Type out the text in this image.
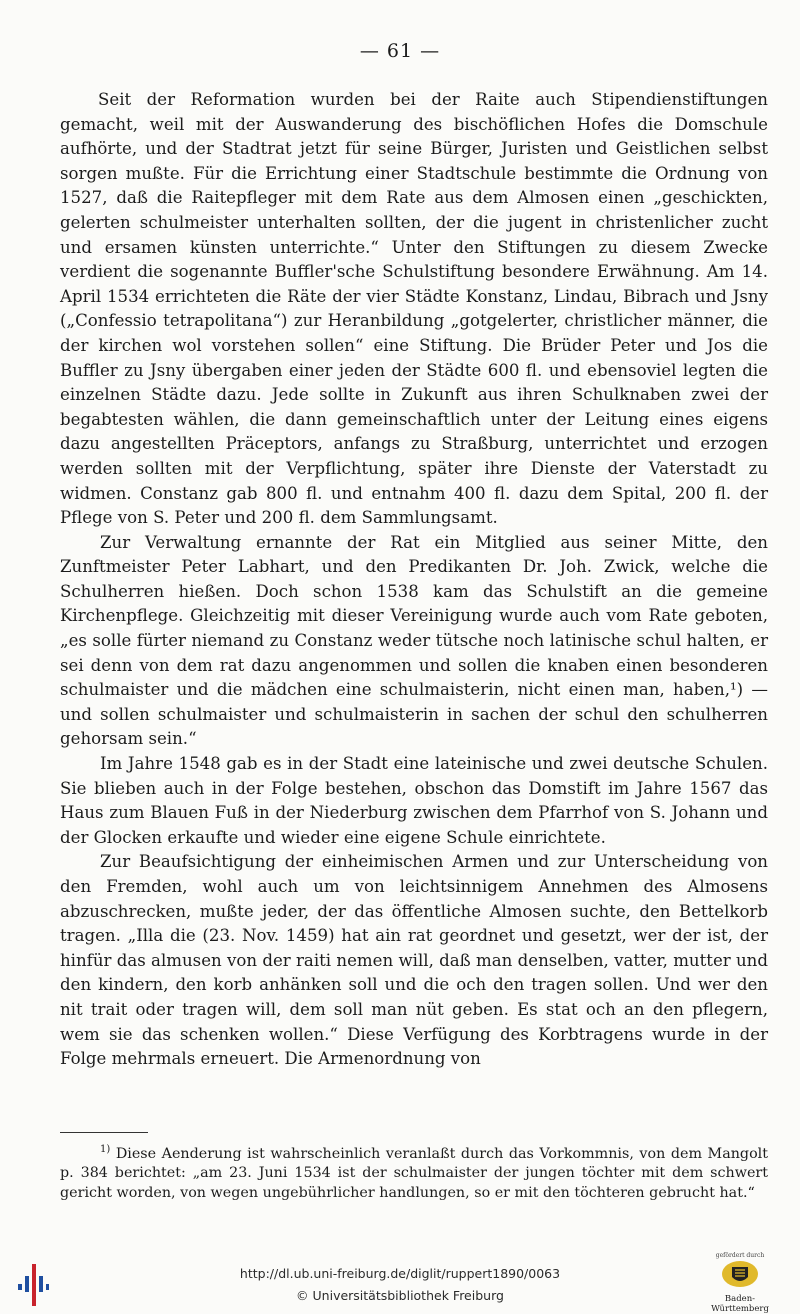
— 61 —

Seit der Reformation wurden bei der Raite auch Stipendienstiftungen gemacht, weil mit der Auswanderung des bischöflichen Hofes die Domschule aufhörte, und der Stadtrat jetzt für seine Bürger, Juristen und Geistlichen selbst sorgen mußte. Für die Errichtung einer Stadtschule bestimmte die Ordnung von 1527, daß die Raitepfleger mit dem Rate aus dem Almosen einen „geschickten, gelerten schulmeister unterhalten sollten, der die jugent in christenlicher zucht und ersamen künsten unterrichte.“ Unter den Stiftungen zu diesem Zwecke verdient die sogenannte Buffler'sche Schulstiftung besondere Erwähnung. Am 14. April 1534 errichteten die Räte der vier Städte Konstanz, Lindau, Bibrach und Jsny („Confessio tetrapolitana“) zur Heranbildung „gotgelerter, christlicher männer, die der kirchen wol vorstehen sollen“ eine Stiftung. Die Brüder Peter und Jos die Buffler zu Jsny übergaben einer jeden der Städte 600 fl. und ebensoviel legten die einzelnen Städte dazu. Jede sollte in Zukunft aus ihren Schulknaben zwei der begabtesten wählen, die dann gemeinschaftlich unter der Leitung eines eigens dazu angestellten Präceptors, anfangs zu Straßburg, unterrichtet und erzogen werden sollten mit der Verpflichtung, später ihre Dienste der Vaterstadt zu widmen. Constanz gab 800 fl. und entnahm 400 fl. dazu dem Spital, 200 fl. der Pflege von S. Peter und 200 fl. dem Sammlungsamt.

Zur Verwaltung ernannte der Rat ein Mitglied aus seiner Mitte, den Zunftmeister Peter Labhart, und den Predikanten Dr. Joh. Zwick, welche die Schulherren hießen. Doch schon 1538 kam das Schulstift an die gemeine Kirchenpflege. Gleichzeitig mit dieser Vereinigung wurde auch vom Rate geboten, „es solle fürter niemand zu Constanz weder tütsche noch latinische schul halten, er sei denn von dem rat dazu angenommen und sollen die knaben einen besonderen schulmaister und die mädchen eine schulmaisterin, nicht einen man, haben,¹) — und sollen schulmaister und schulmaisterin in sachen der schul den schulherren gehorsam sein.“

Im Jahre 1548 gab es in der Stadt eine lateinische und zwei deutsche Schulen. Sie blieben auch in der Folge bestehen, obschon das Domstift im Jahre 1567 das Haus zum Blauen Fuß in der Niederburg zwischen dem Pfarrhof von S. Johann und der Glocken erkaufte und wieder eine eigene Schule einrichtete.

Zur Beaufsichtigung der einheimischen Armen und zur Unterscheidung von den Fremden, wohl auch um von leichtsinnigem Annehmen des Almosens abzuschrecken, mußte jeder, der das öffentliche Almosen suchte, den Bettelkorb tragen. „Illa die (23. Nov. 1459) hat ain rat geordnet und gesetzt, wer der ist, der hinfür das almusen von der raiti nemen will, daß man denselben, vatter, mutter und den kindern, den korb anhänken soll und die och den tragen sollen. Und wer den nit trait oder tragen will, dem soll man nüt geben. Es stat och an den pflegern, wem sie das schenken wollen.“ Diese Verfügung des Korbtragens wurde in der Folge mehrmals erneuert. Die Armenordnung von

$^{1)}$ Diese Aenderung ist wahrscheinlich veranlaßt durch das Vorkommnis, von dem Mangolt p. 384 berichtet: „am 23. Juni 1534 ist der schulmaister der jungen töchter mit dem schwert gericht worden, von wegen ungebührlicher handlungen, so er mit den töchteren gebrucht hat.“

http://dl.ub.uni-freiburg.de/diglit/ruppert1890/0063
© Universitätsbibliothek Freiburg
gefördert durch
Baden-Württemberg
